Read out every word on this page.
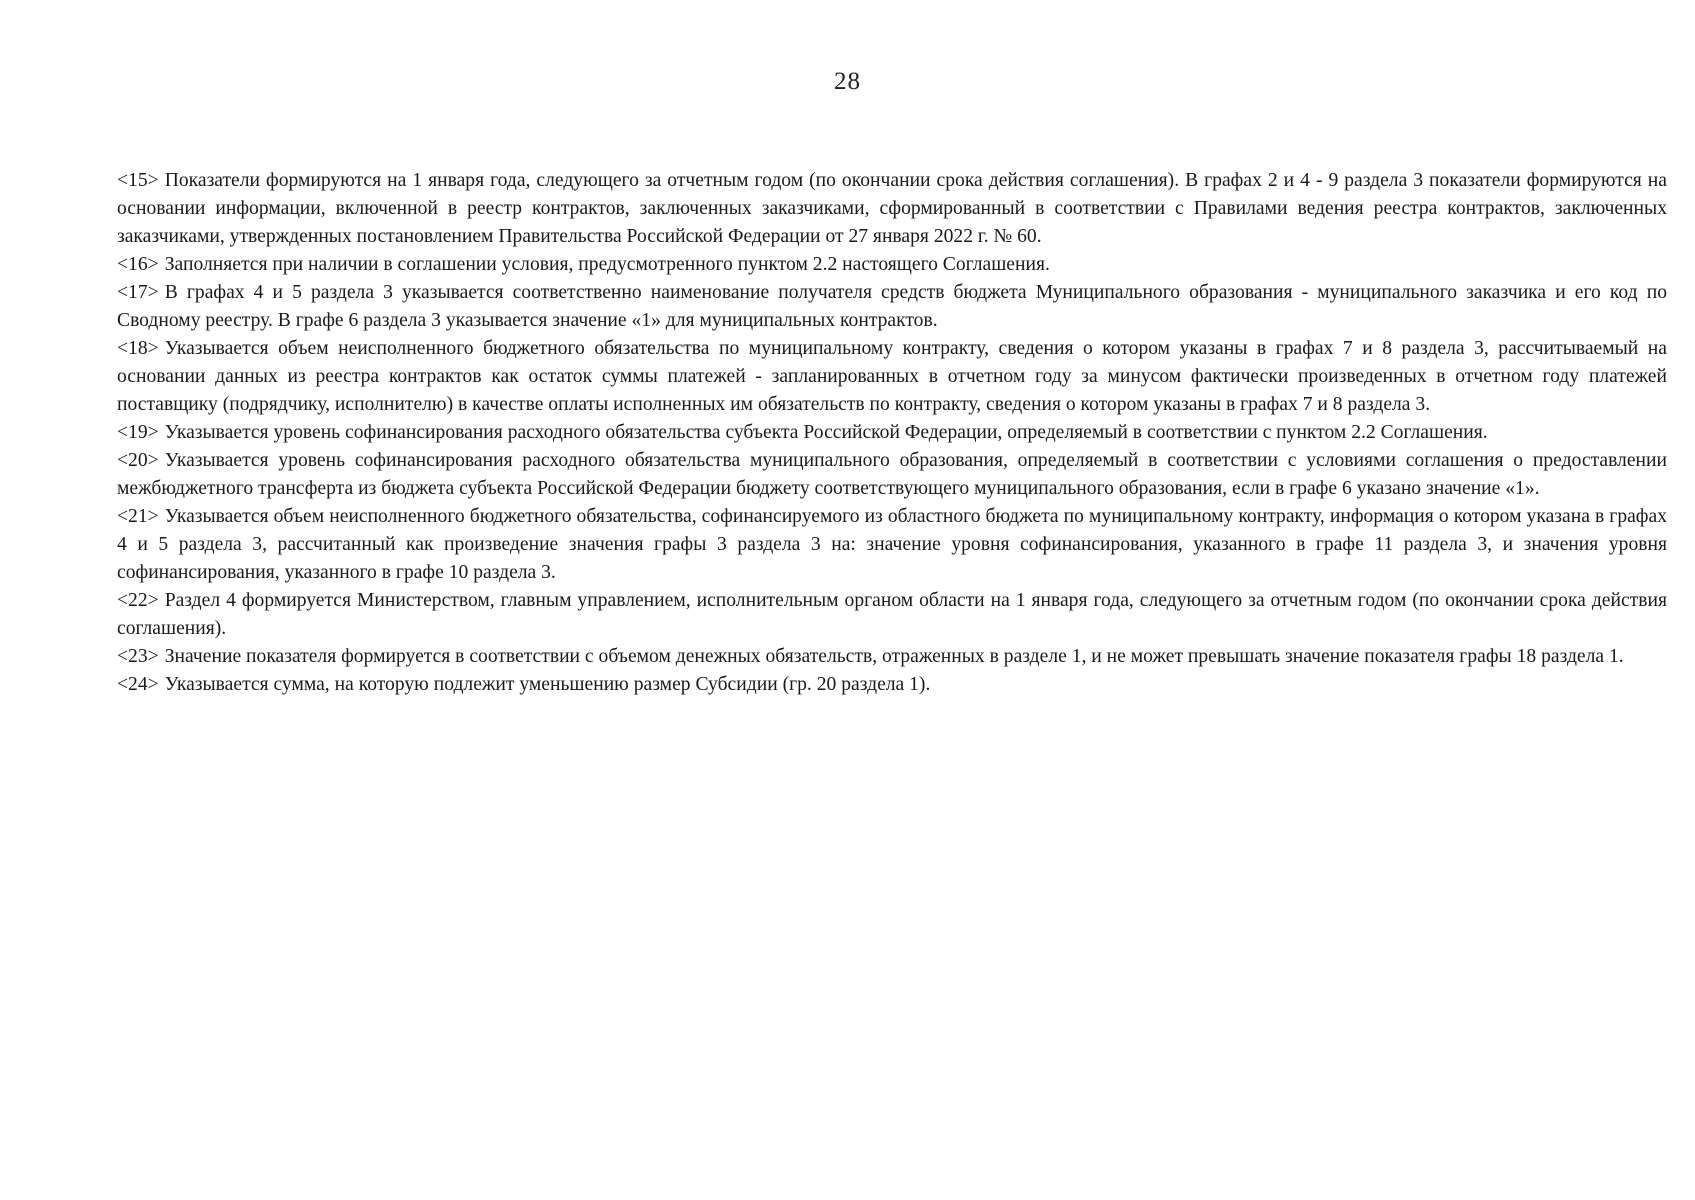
28

<15> Показатели формируются на 1 января года, следующего за отчетным годом (по окончании срока действия соглашения). В графах 2 и 4 - 9 раздела 3 показатели формируются на основании информации, включенной в реестр контрактов, заключенных заказчиками, сформированный в соответствии с Правилами ведения реестра контрактов, заключенных заказчиками, утвержденных постановлением Правительства Российской Федерации от 27 января 2022 г. № 60.

<16> Заполняется при наличии в соглашении условия, предусмотренного пунктом 2.2 настоящего Соглашения.

<17> В графах 4 и 5 раздела 3 указывается соответственно наименование получателя средств бюджета Муниципального образования - муниципального заказчика и его код по Сводному реестру. В графе 6 раздела 3 указывается значение «1» для муниципальных контрактов.

<18> Указывается объем неисполненного бюджетного обязательства по муниципальному контракту, сведения о котором указаны в графах 7 и 8 раздела 3, рассчитываемый на основании данных из реестра контрактов как остаток суммы платежей - запланированных в отчетном году за минусом фактически произведенных в отчетном году платежей поставщику (подрядчику, исполнителю) в качестве оплаты исполненных им обязательств по контракту, сведения о котором указаны в графах 7 и 8 раздела 3.

<19> Указывается уровень софинансирования расходного обязательства субъекта Российской Федерации, определяемый в соответствии с пунктом 2.2 Соглашения.

<20> Указывается уровень софинансирования расходного обязательства муниципального образования, определяемый в соответствии с условиями соглашения о предоставлении межбюджетного трансферта из бюджета субъекта Российской Федерации бюджету соответствующего муниципального образования, если в графе 6 указано значение «1».

<21> Указывается объем неисполненного бюджетного обязательства, софинансируемого из областного бюджета по муниципальному контракту, информация о котором указана в графах 4 и 5 раздела 3, рассчитанный как произведение значения графы 3 раздела 3 на: значение уровня софинансирования, указанного в графе 11 раздела 3, и значения уровня софинансирования, указанного в графе 10 раздела 3.

<22> Раздел 4 формируется Министерством, главным управлением, исполнительным органом области на 1 января года, следующего за отчетным годом (по окончании срока действия соглашения).

<23> Значение показателя формируется в соответствии с объемом денежных обязательств, отраженных в разделе 1, и не может превышать значение показателя графы 18 раздела 1.

<24> Указывается сумма, на которую подлежит уменьшению размер Субсидии (гр. 20 раздела 1).
